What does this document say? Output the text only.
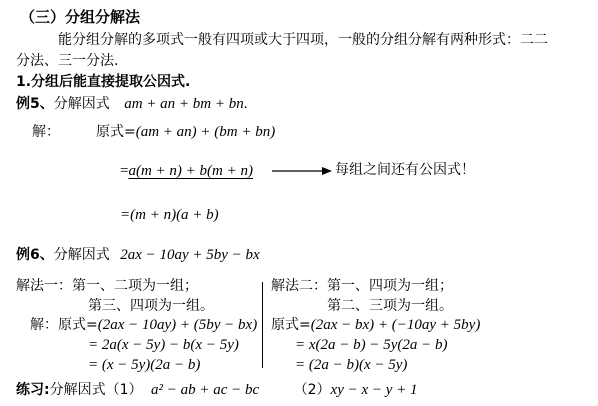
（三）分组分解法
能分组分解的多项式一般有四项或大于四项，一般的分组分解有两种形式：二二
分法、三一分法.
1.分组后能直接提取公因式.
例5、分解因式 am + an + bm + bn.
解：	原式=(am + an) + (bm + bn)
=a(m + n) + b(m + n)	每组之间还有公因式！
=(m + n)(a + b)
例6、分解因式 2ax − 10ay + 5by − bx
解法一：第一、二项为一组；
第三、四项为一组。
解：原式=(2ax − 10ay) + (5by − bx)
= 2a(x − 5y) − b(x − 5y)
= (x − 5y)(2a − b)
解法二：第一、四项为一组；
第二、三项为一组。
原式=(2ax − bx) + (−10ay + 5by)
= x(2a − b) − 5y(2a − b)
= (2a − b)(x − 5y)
练习:分解因式（1） a² − ab + ac − bc （2）xy − x − y + 1
